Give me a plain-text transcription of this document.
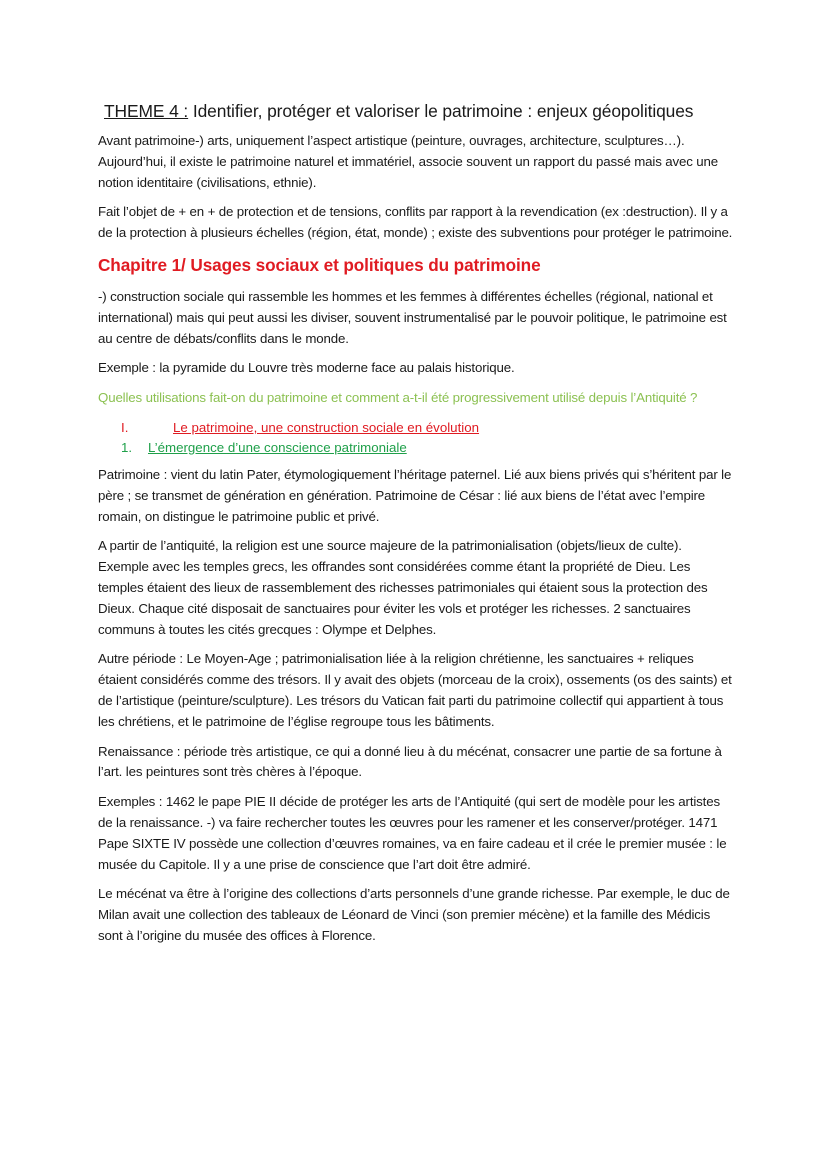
THEME 4 : Identifier, protéger et valoriser le patrimoine : enjeux géopolitiques

Avant patrimoine-) arts, uniquement l’aspect artistique (peinture, ouvrages, architecture, sculptures…). Aujourd’hui, il existe le patrimoine naturel et immatériel, associe souvent un rapport du passé mais avec une notion identitaire (civilisations, ethnie).

Fait l’objet de + en + de protection et de tensions, conflits par rapport à la revendication (ex :destruction). Il y a de la protection à plusieurs échelles (région, état, monde) ; existe des subventions pour protéger le patrimoine.

Chapitre 1/ Usages sociaux et politiques du patrimoine

-) construction sociale qui rassemble les hommes et les femmes à différentes échelles (régional, national et international) mais qui peut aussi les diviser, souvent instrumentalisé par le pouvoir politique, le patrimoine est au centre de débats/conflits dans le monde.

Exemple : la pyramide du Louvre très moderne face au palais historique.

Quelles utilisations fait-on du patrimoine et comment a-t-il été progressivement utilisé depuis l’Antiquité ?

I.	Le patrimoine, une construction sociale en évolution
1.	L’émergence d’une conscience patrimoniale

Patrimoine : vient du latin Pater, étymologiquement l’héritage paternel. Lié aux biens privés qui s’héritent par le père ; se transmet de génération en génération. Patrimoine de César : lié aux biens de l’état avec l’empire romain, on distingue le patrimoine public et privé.

A partir de l’antiquité, la religion est une source majeure de la patrimonialisation (objets/lieux de culte). Exemple avec les temples grecs, les offrandes sont considérées comme étant la propriété de Dieu. Les temples étaient des lieux de rassemblement des richesses patrimoniales qui étaient sous la protection des Dieux. Chaque cité disposait de sanctuaires pour éviter les vols et protéger les richesses. 2 sanctuaires communs à toutes les cités grecques : Olympe et Delphes.

Autre période : Le Moyen-Age ; patrimonialisation liée à la religion chrétienne, les sanctuaires + reliques étaient considérés comme des trésors. Il y avait des objets (morceau de la croix), ossements (os des saints) et de l’artistique (peinture/sculpture). Les trésors du Vatican fait parti du patrimoine collectif qui appartient à tous les chrétiens, et le patrimoine de l’église regroupe tous les bâtiments.

Renaissance : période très artistique, ce qui a donné lieu à du mécénat, consacrer une partie de sa fortune à l’art. les peintures sont très chères à l’époque.

Exemples : 1462 le pape PIE II décide de protéger les arts de l’Antiquité (qui sert de modèle pour les artistes de la renaissance. -) va faire rechercher toutes les œuvres pour les ramener et les conserver/protéger. 1471 Pape SIXTE IV possède une collection d’œuvres romaines, va en faire cadeau et il crée le premier musée : le musée du Capitole. Il y a une prise de conscience que l’art doit être admiré.

Le mécénat va être à l’origine des collections d’arts personnels d’une grande richesse. Par exemple, le duc de Milan avait une collection des tableaux de Léonard de Vinci (son premier mécène) et la famille des Médicis sont à l’origine du musée des offices à Florence.
